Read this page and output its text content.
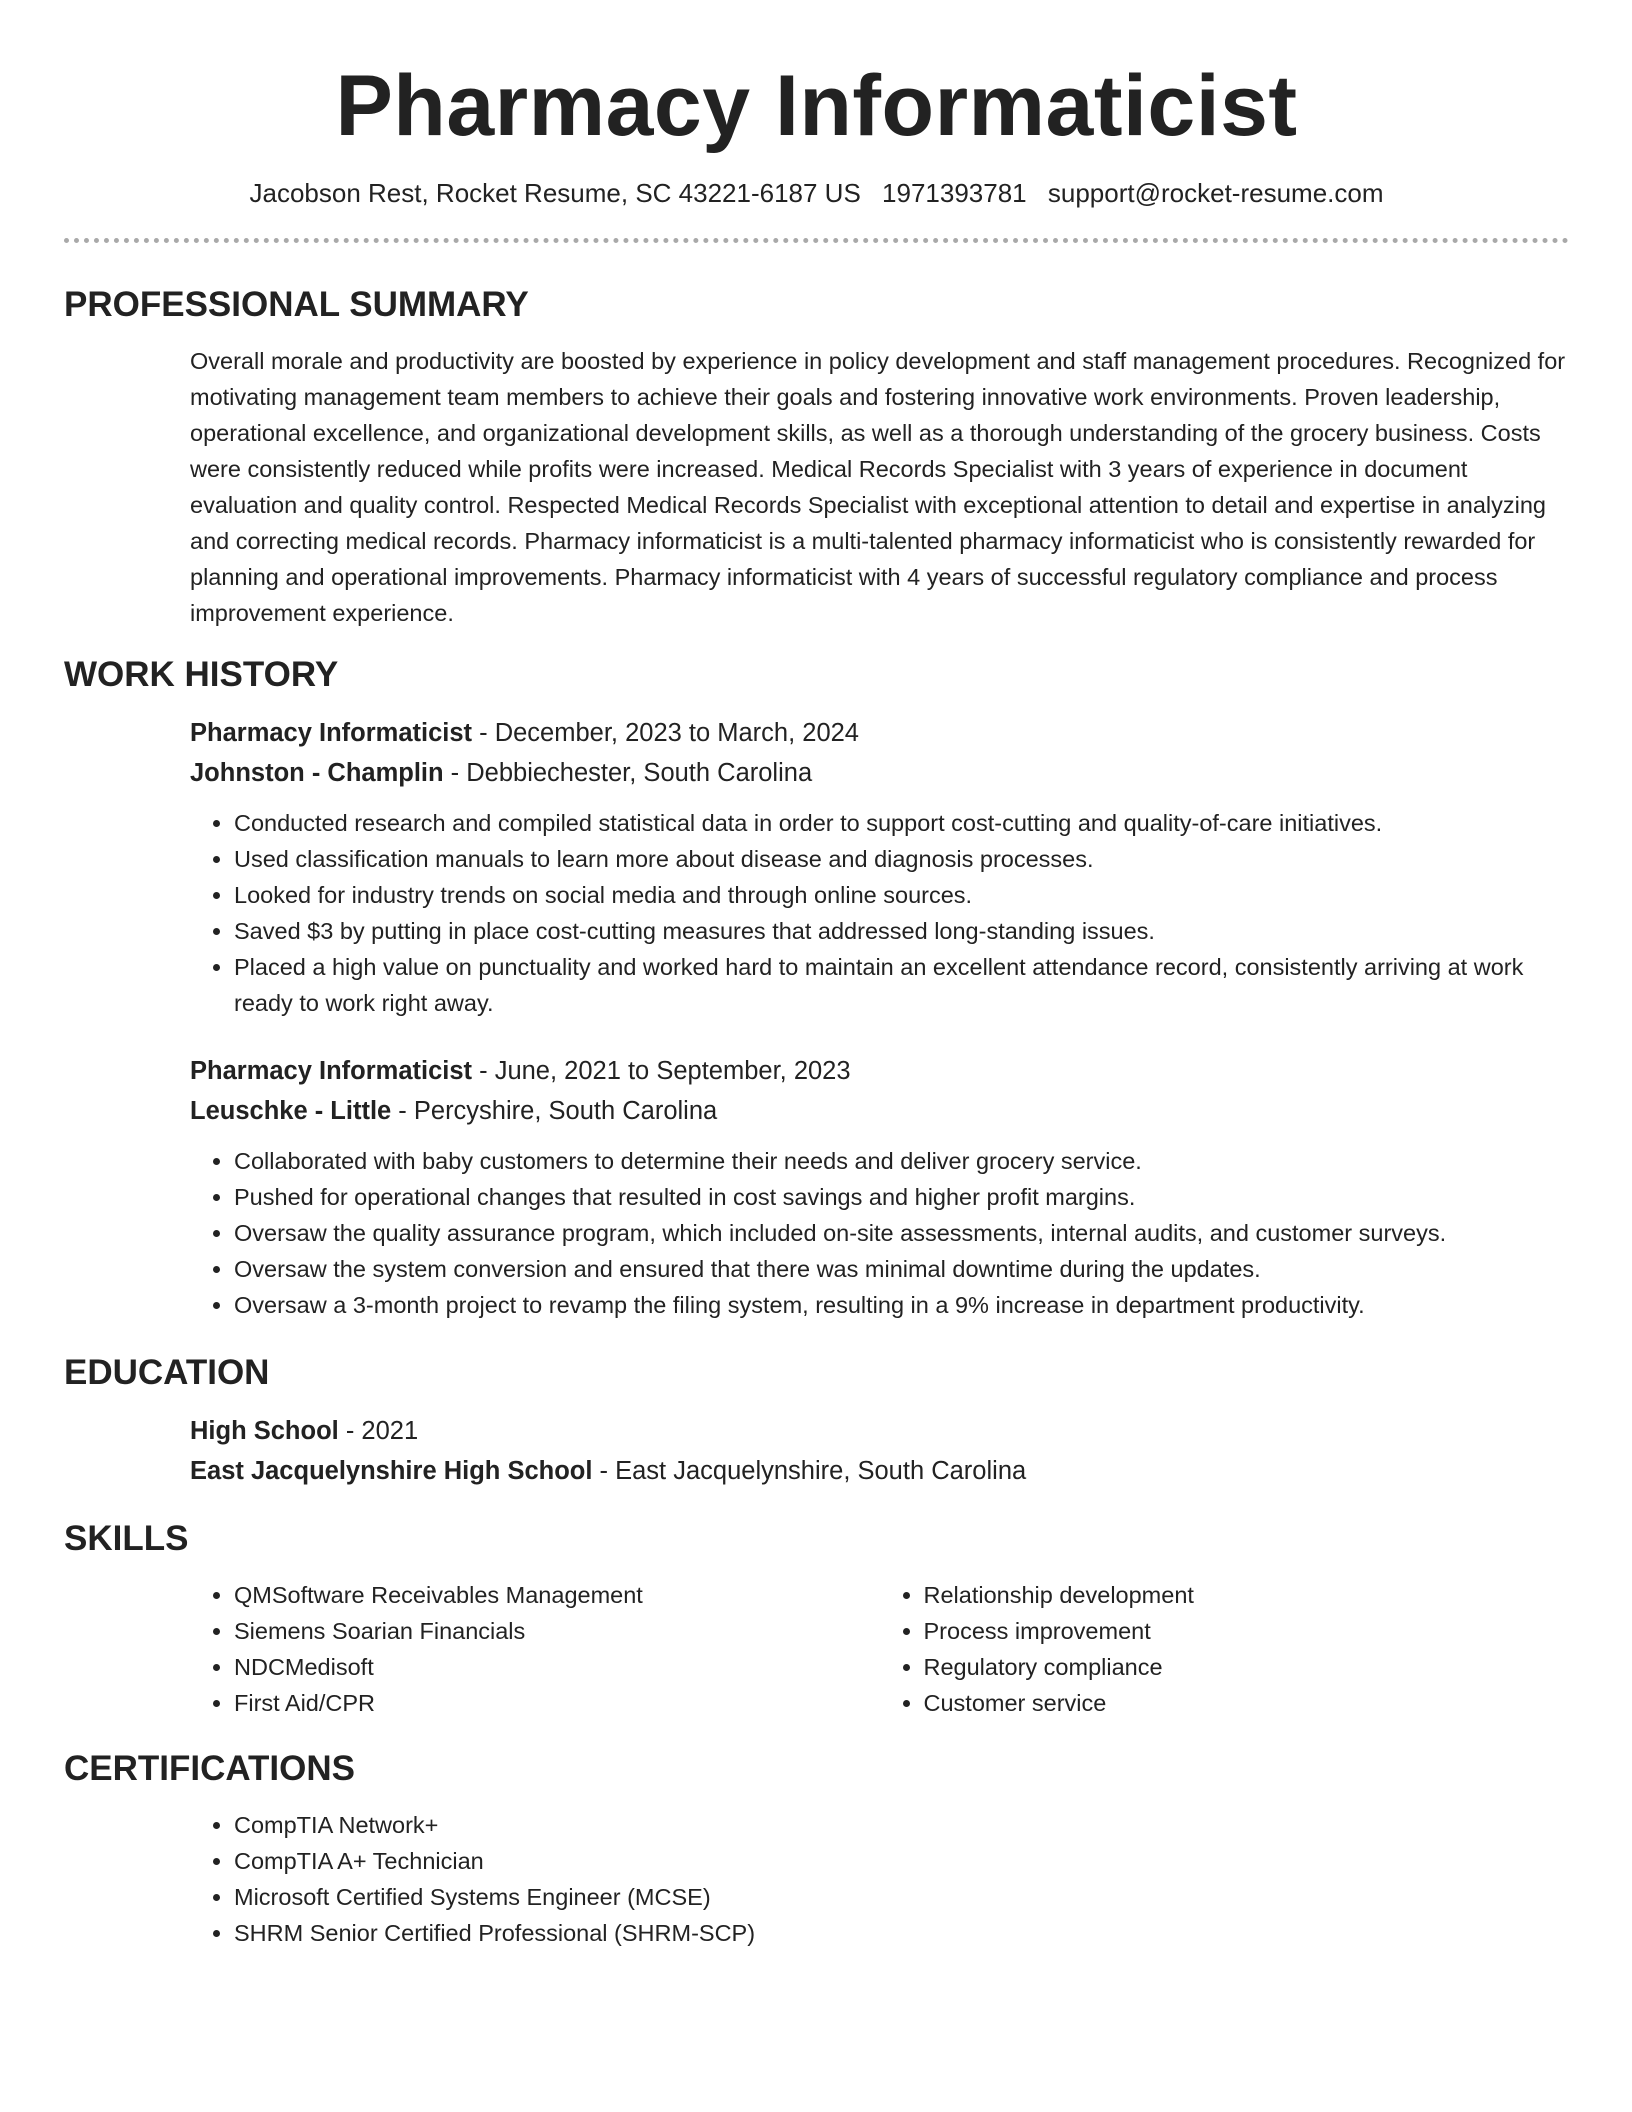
Pharmacy Informaticist
Jacobson Rest, Rocket Resume, SC 43221-6187 US 1971393781 support@rocket-resume.com
PROFESSIONAL SUMMARY

Overall morale and productivity are boosted by experience in policy development and staff management procedures. Recognized for motivating management team members to achieve their goals and fostering innovative work environments. Proven leadership, operational excellence, and organizational development skills, as well as a thorough understanding of the grocery business. Costs were consistently reduced while profits were increased. Medical Records Specialist with 3 years of experience in document evaluation and quality control. Respected Medical Records Specialist with exceptional attention to detail and expertise in analyzing and correcting medical records. Pharmacy informaticist is a multi-talented pharmacy informaticist who is consistently rewarded for planning and operational improvements. Pharmacy informaticist with 4 years of successful regulatory compliance and process improvement experience.

WORK HISTORY
Pharmacy Informaticist - December, 2023 to March, 2024
Johnston - Champlin - Debbiechester, South Carolina
• Conducted research and compiled statistical data in order to support cost-cutting and quality-of-care initiatives.
• Used classification manuals to learn more about disease and diagnosis processes.
• Looked for industry trends on social media and through online sources.
• Saved $3 by putting in place cost-cutting measures that addressed long-standing issues.
• Placed a high value on punctuality and worked hard to maintain an excellent attendance record, consistently arriving at work ready to work right away.
Pharmacy Informaticist - June, 2021 to September, 2023
Leuschke - Little - Percyshire, South Carolina
• Collaborated with baby customers to determine their needs and deliver grocery service.
• Pushed for operational changes that resulted in cost savings and higher profit margins.
• Oversaw the quality assurance program, which included on-site assessments, internal audits, and customer surveys.
• Oversaw the system conversion and ensured that there was minimal downtime during the updates.
• Oversaw a 3-month project to revamp the filing system, resulting in a 9% increase in department productivity.
EDUCATION
High School - 2021
East Jacquelynshire High School - East Jacquelynshire, South Carolina
SKILLS
• QMSoftware Receivables Management
• Siemens Soarian Financials
• NDCMedisoft
• First Aid/CPR
• Relationship development
• Process improvement
• Regulatory compliance
• Customer service
CERTIFICATIONS
• CompTIA Network+
• CompTIA A+ Technician
• Microsoft Certified Systems Engineer (MCSE)
• SHRM Senior Certified Professional (SHRM-SCP)
